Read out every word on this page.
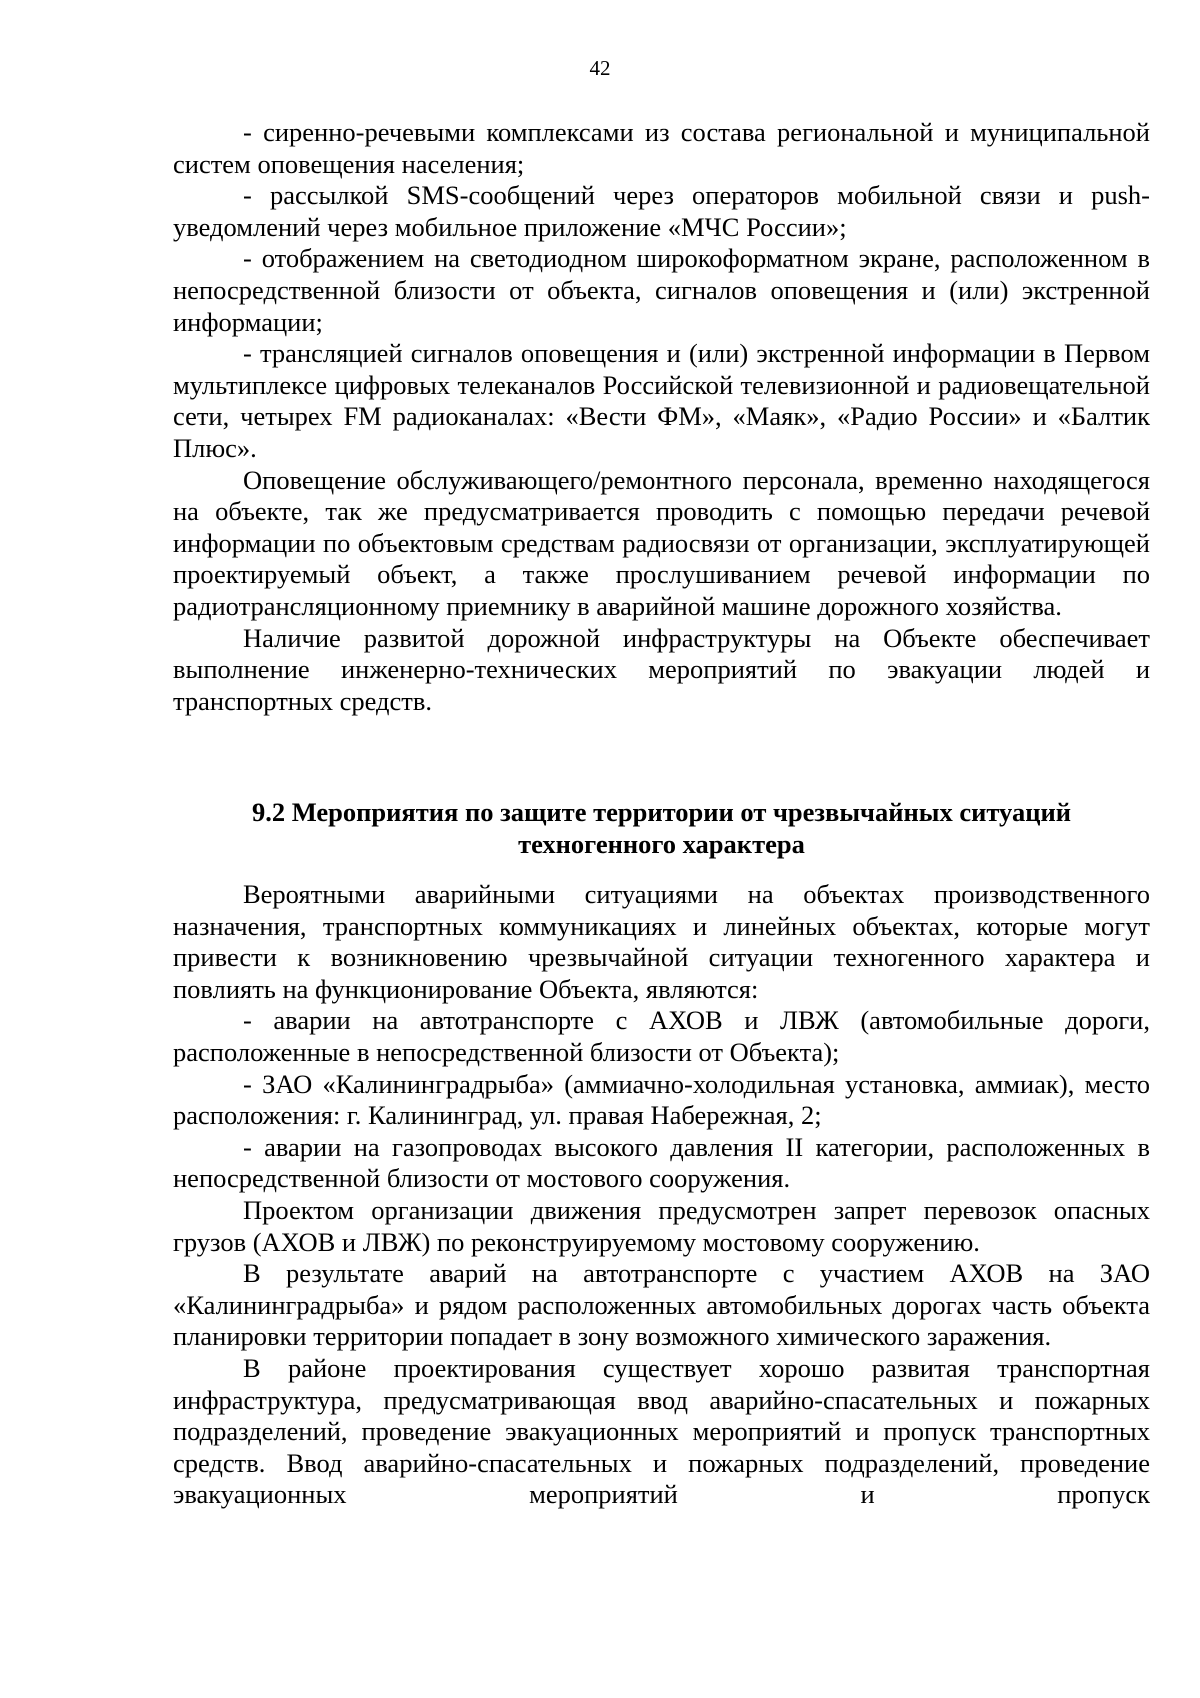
42

- сиренно-речевыми комплексами из состава региональной и муниципальной систем оповещения населения;

- рассылкой SMS-сообщений через операторов мобильной связи и push-уведомлений через мобильное приложение «МЧС России»;

- отображением на светодиодном широкоформатном экране, расположенном в непосредственной близости от объекта, сигналов оповещения и (или) экстренной информации;

- трансляцией сигналов оповещения и (или) экстренной информации в Первом мультиплексе цифровых телеканалов Российской телевизионной и радиовещательной сети, четырех FM радиоканалах: «Вести ФМ», «Маяк», «Радио России» и «Балтик Плюс».

Оповещение обслуживающего/ремонтного персонала, временно находящегося на объекте, так же предусматривается проводить с помощью передачи речевой информации по объектовым средствам радиосвязи от организации, эксплуатирующей проектируемый объект, а также прослушиванием речевой информации по радиотрансляционному приемнику в аварийной машине дорожного хозяйства.

Наличие развитой дорожной инфраструктуры на Объекте обеспечивает выполнение инженерно-технических мероприятий по эвакуации людей и транспортных средств.

9.2 Мероприятия по защите территории от чрезвычайных ситуаций
техногенного характера

Вероятными аварийными ситуациями на объектах производственного назначения, транспортных коммуникациях и линейных объектах, которые могут привести к возникновению чрезвычайной ситуации техногенного характера и повлиять на функционирование Объекта, являются:

- аварии на автотранспорте с АХОВ и ЛВЖ (автомобильные дороги, расположенные в непосредственной близости от Объекта);

- ЗАО «Калининградрыба» (аммиачно-холодильная установка, аммиак), место расположения: г. Калининград, ул. правая Набережная, 2;

- аварии на газопроводах высокого давления II категории, расположенных в непосредственной близости от мостового сооружения.

Проектом организации движения предусмотрен запрет перевозок опасных грузов (АХОВ и ЛВЖ) по реконструируемому мостовому сооружению.

В результате аварий на автотранспорте с участием АХОВ на ЗАО «Калининградрыба» и рядом расположенных автомобильных дорогах часть объекта планировки территории попадает в зону возможного химического заражения.

В районе проектирования существует хорошо развитая транспортная инфраструктура, предусматривающая ввод аварийно-спасательных и пожарных подразделений, проведение эвакуационных мероприятий и пропуск транспортных средств. Ввод аварийно-спасательных и пожарных подразделений, проведение эвакуационных мероприятий и пропуск
